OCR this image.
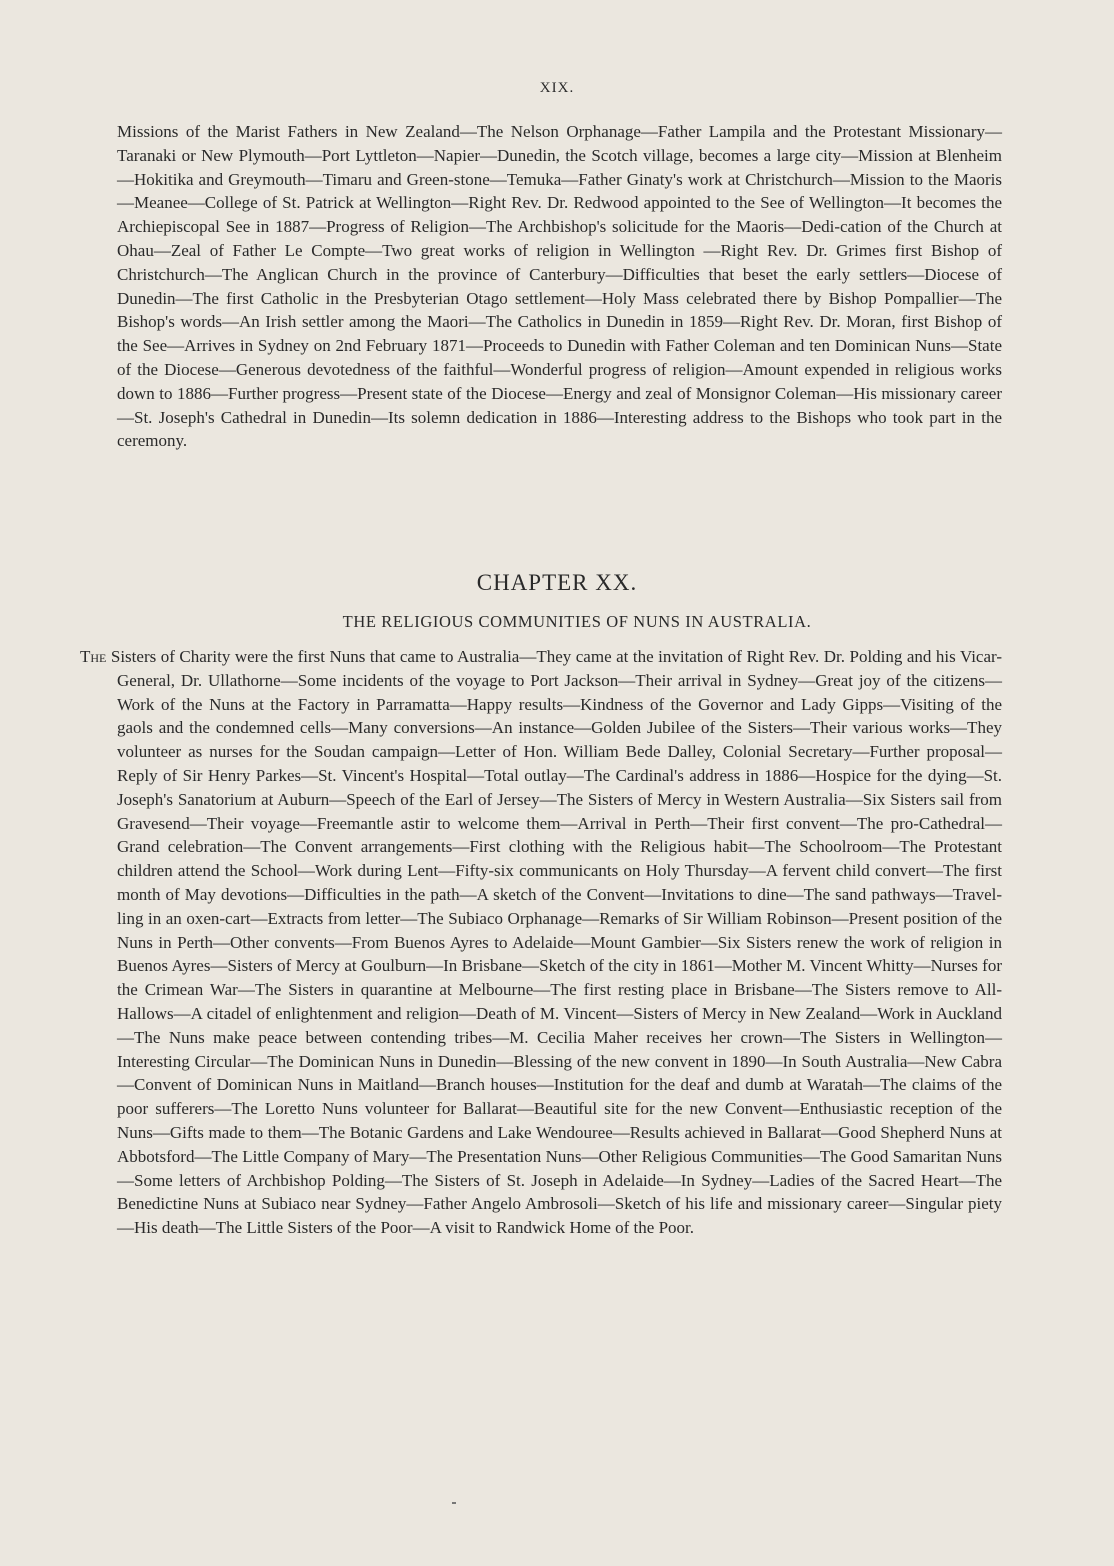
XIX.

Missions of the Marist Fathers in New Zealand—The Nelson Orphanage—Father Lampila and the Protestant Missionary—Taranaki or New Plymouth—Port Lyttleton—Napier—Dunedin, the Scotch village, becomes a large city—Mission at Blenheim—Hokitika and Greymouth—Timaru and Green-stone—Temuka—Father Ginaty's work at Christchurch—Mission to the Maoris—Meanee—College of St. Patrick at Wellington—Right Rev. Dr. Redwood appointed to the See of Wellington—It becomes the Archiepiscopal See in 1887—Progress of Religion—The Archbishop's solicitude for the Maoris—Dedi-cation of the Church at Ohau—Zeal of Father Le Compte—Two great works of religion in Wellington —Right Rev. Dr. Grimes first Bishop of Christchurch—The Anglican Church in the province of Canterbury—Difficulties that beset the early settlers—Diocese of Dunedin—The first Catholic in the Presbyterian Otago settlement—Holy Mass celebrated there by Bishop Pompallier—The Bishop's words—An Irish settler among the Maori—The Catholics in Dunedin in 1859—Right Rev. Dr. Moran, first Bishop of the See—Arrives in Sydney on 2nd February 1871—Proceeds to Dunedin with Father Coleman and ten Dominican Nuns—State of the Diocese—Generous devotedness of the faithful—Wonderful progress of religion—Amount expended in religious works down to 1886—Further progress—Present state of the Diocese—Energy and zeal of Monsignor Coleman—His missionary career—St. Joseph's Cathedral in Dunedin—Its solemn dedication in 1886—Interesting address to the Bishops who took part in the ceremony.

CHAPTER XX.
THE RELIGIOUS COMMUNITIES OF NUNS IN AUSTRALIA.

The Sisters of Charity were the first Nuns that came to Australia—They came at the invitation of Right Rev. Dr. Polding and his Vicar-General, Dr. Ullathorne—Some incidents of the voyage to Port Jackson—Their arrival in Sydney—Great joy of the citizens—Work of the Nuns at the Factory in Parramatta—Happy results—Kindness of the Governor and Lady Gipps—Visiting of the gaols and the condemned cells—Many conversions—An instance—Golden Jubilee of the Sisters—Their various works—They volunteer as nurses for the Soudan campaign—Letter of Hon. William Bede Dalley, Colonial Secretary—Further proposal—Reply of Sir Henry Parkes—St. Vincent's Hospital—Total outlay—The Cardinal's address in 1886—Hospice for the dying—St. Joseph's Sanatorium at Auburn—Speech of the Earl of Jersey—The Sisters of Mercy in Western Australia—Six Sisters sail from Gravesend—Their voyage—Freemantle astir to welcome them—Arrival in Perth—Their first convent—The pro-Cathedral—Grand celebration—The Convent arrangements—First clothing with the Religious habit—The Schoolroom—The Protestant children attend the School—Work during Lent—Fifty-six communicants on Holy Thursday—A fervent child convert—The first month of May devotions—Difficulties in the path—A sketch of the Convent—Invitations to dine—The sand pathways—Travel-ling in an oxen-cart—Extracts from letter—The Subiaco Orphanage—Remarks of Sir William Robinson—Present position of the Nuns in Perth—Other convents—From Buenos Ayres to Adelaide—Mount Gambier—Six Sisters renew the work of religion in Buenos Ayres—Sisters of Mercy at Goulburn—In Brisbane—Sketch of the city in 1861—Mother M. Vincent Whitty—Nurses for the Crimean War—The Sisters in quarantine at Melbourne—The first resting place in Brisbane—The Sisters remove to All-Hallows—A citadel of enlightenment and religion—Death of M. Vincent—Sisters of Mercy in New Zealand—Work in Auckland—The Nuns make peace between contending tribes—M. Cecilia Maher receives her crown—The Sisters in Wellington—Interesting Circular—The Dominican Nuns in Dunedin—Blessing of the new convent in 1890—In South Australia—New Cabra—Convent of Dominican Nuns in Maitland—Branch houses—Institution for the deaf and dumb at Waratah—The claims of the poor sufferers—The Loretto Nuns volunteer for Ballarat—Beautiful site for the new Convent—Enthusiastic reception of the Nuns—Gifts made to them—The Botanic Gardens and Lake Wendouree—Results achieved in Ballarat—Good Shepherd Nuns at Abbotsford—The Little Company of Mary—The Presentation Nuns—Other Religious Communities—The Good Samaritan Nuns—Some letters of Archbishop Polding—The Sisters of St. Joseph in Adelaide—In Sydney—Ladies of the Sacred Heart—The Benedictine Nuns at Subiaco near Sydney—Father Angelo Ambrosoli—Sketch of his life and missionary career—Singular piety—His death—The Little Sisters of the Poor—A visit to Randwick Home of the Poor.
